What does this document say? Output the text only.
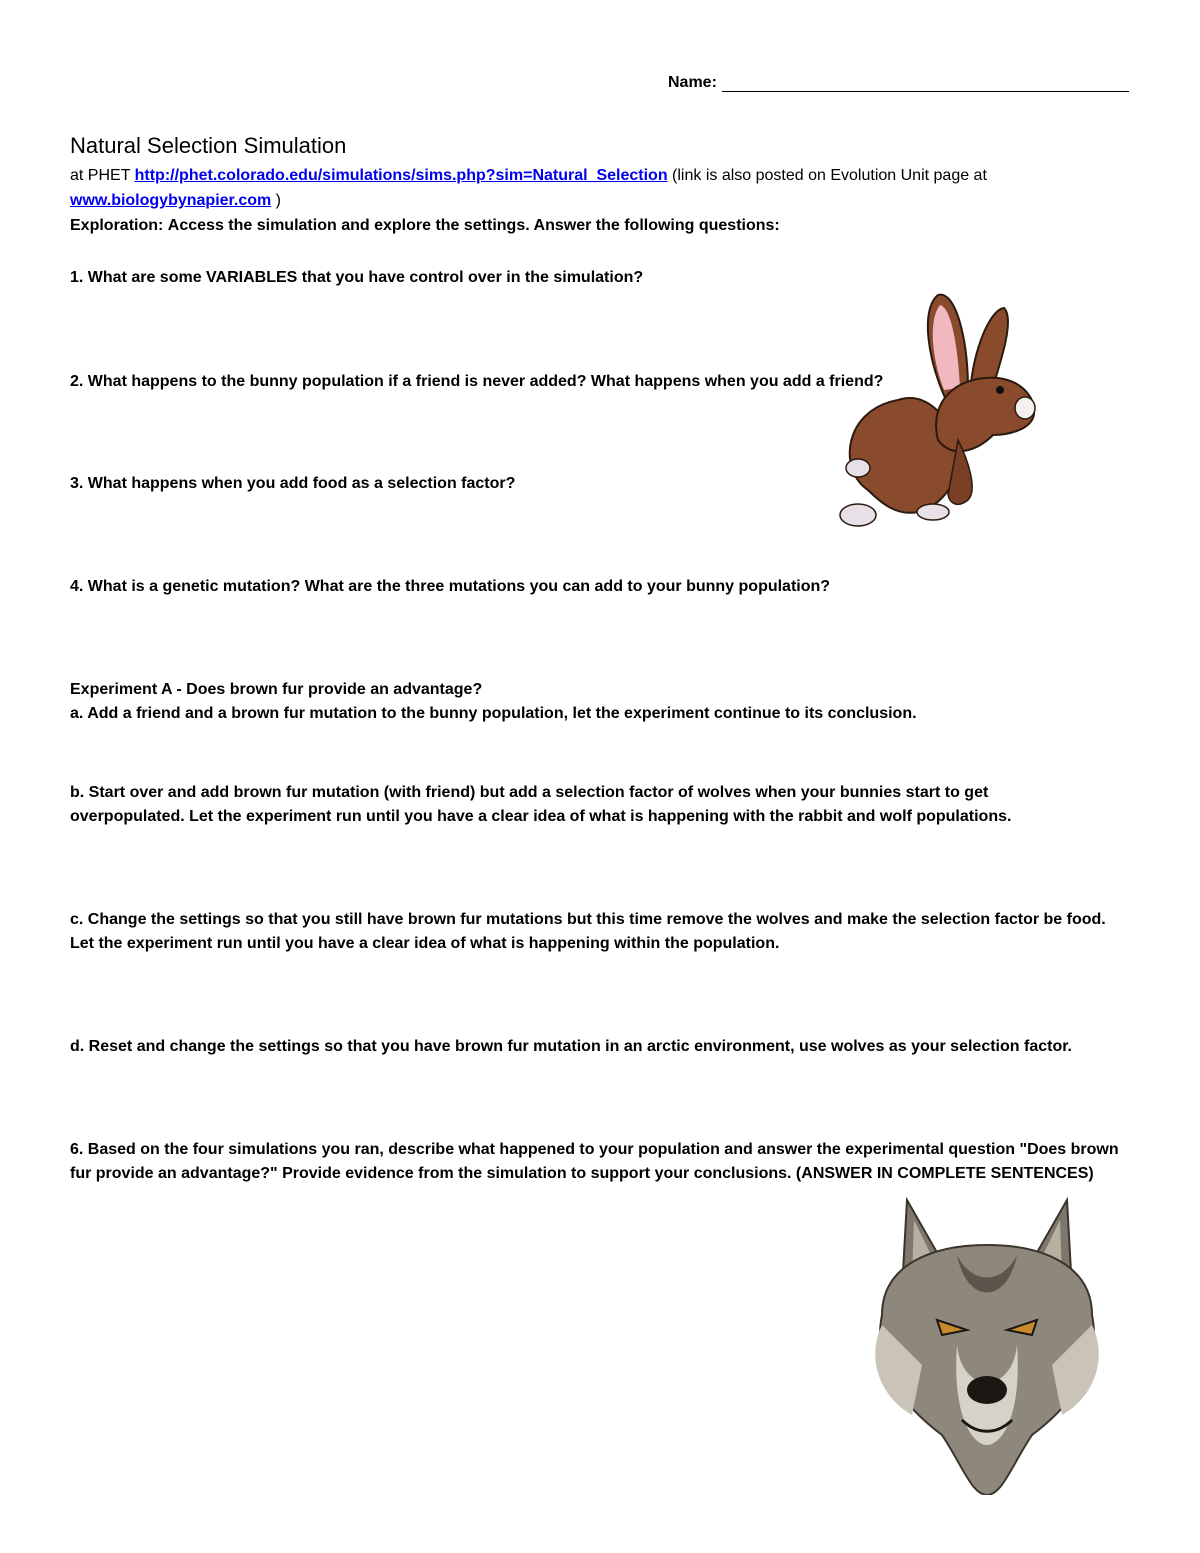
Name:
Natural Selection Simulation
at PHET http://phet.colorado.edu/simulations/sims.php?sim=Natural_Selection (link is also posted on Evolution Unit page at
www.biologybynapier.com )
Exploration: Access the simulation and explore the settings. Answer the following questions:
1. What are some VARIABLES that you have control over in the simulation?
2. What happens to the bunny population if a friend is never added? What happens when you add a friend?
3. What happens when you add food as a selection factor?
4. What is a genetic mutation? What are the three mutations you can add to your bunny population?
Experiment A - Does brown fur provide an advantage?
a. Add a friend and a brown fur mutation to the bunny population, let the experiment continue to its conclusion.
b. Start over and add brown fur mutation (with friend) but add a selection factor of wolves when your bunnies start to get overpopulated. Let the experiment run until you have a clear idea of what is happening with the rabbit and wolf populations.
c. Change the settings so that you still have brown fur mutations but this time remove the wolves and make the selection factor be food. Let the experiment run until you have a clear idea of what is happening within the population.
d. Reset and change the settings so that you have brown fur mutation in an arctic environment, use wolves as your selection factor.
6. Based on the four simulations you ran, describe what happened to your population and answer the experimental question "Does brown fur provide an advantage?" Provide evidence from the simulation to support your conclusions. (ANSWER IN COMPLETE SENTENCES)
